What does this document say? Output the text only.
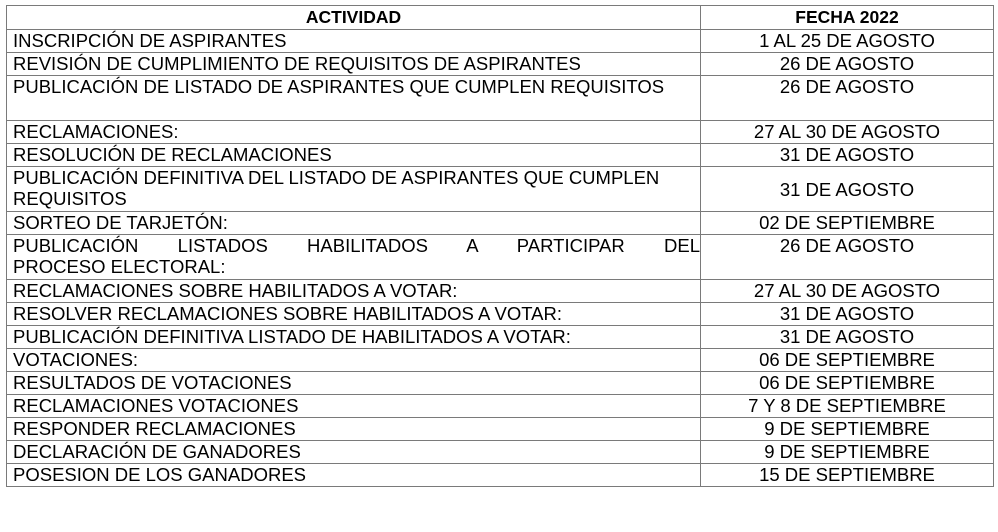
ACTIVIDAD	FECHA 2022
INSCRIPCIÓN DE ASPIRANTES	1 AL 25 DE AGOSTO
REVISIÓN DE CUMPLIMIENTO DE REQUISITOS DE ASPIRANTES	26 DE AGOSTO
PUBLICACIÓN DE LISTADO DE ASPIRANTES QUE CUMPLEN REQUISITOS	26 DE AGOSTO
RECLAMACIONES:	27 AL 30 DE AGOSTO
RESOLUCIÓN DE RECLAMACIONES	31 DE AGOSTO
PUBLICACIÓN DEFINITIVA DEL LISTADO DE ASPIRANTES QUE CUMPLEN REQUISITOS	31 DE AGOSTO
SORTEO DE TARJETÓN:	02 DE SEPTIEMBRE

PUBLICACIÓN LISTADOS HABILITADOS A PARTICIPAR DEL
PROCESO ELECTORAL:	26 DE AGOSTO
RECLAMACIONES SOBRE HABILITADOS A VOTAR:	27 AL 30 DE AGOSTO
RESOLVER RECLAMACIONES SOBRE HABILITADOS A VOTAR:	31 DE AGOSTO
PUBLICACIÓN DEFINITIVA LISTADO DE HABILITADOS A VOTAR:	31 DE AGOSTO
VOTACIONES:	06 DE SEPTIEMBRE
RESULTADOS DE VOTACIONES	06 DE SEPTIEMBRE
RECLAMACIONES VOTACIONES	7 Y 8 DE SEPTIEMBRE
RESPONDER RECLAMACIONES	9 DE SEPTIEMBRE
DECLARACIÓN DE GANADORES	9 DE SEPTIEMBRE
POSESION DE LOS GANADORES	15 DE SEPTIEMBRE
